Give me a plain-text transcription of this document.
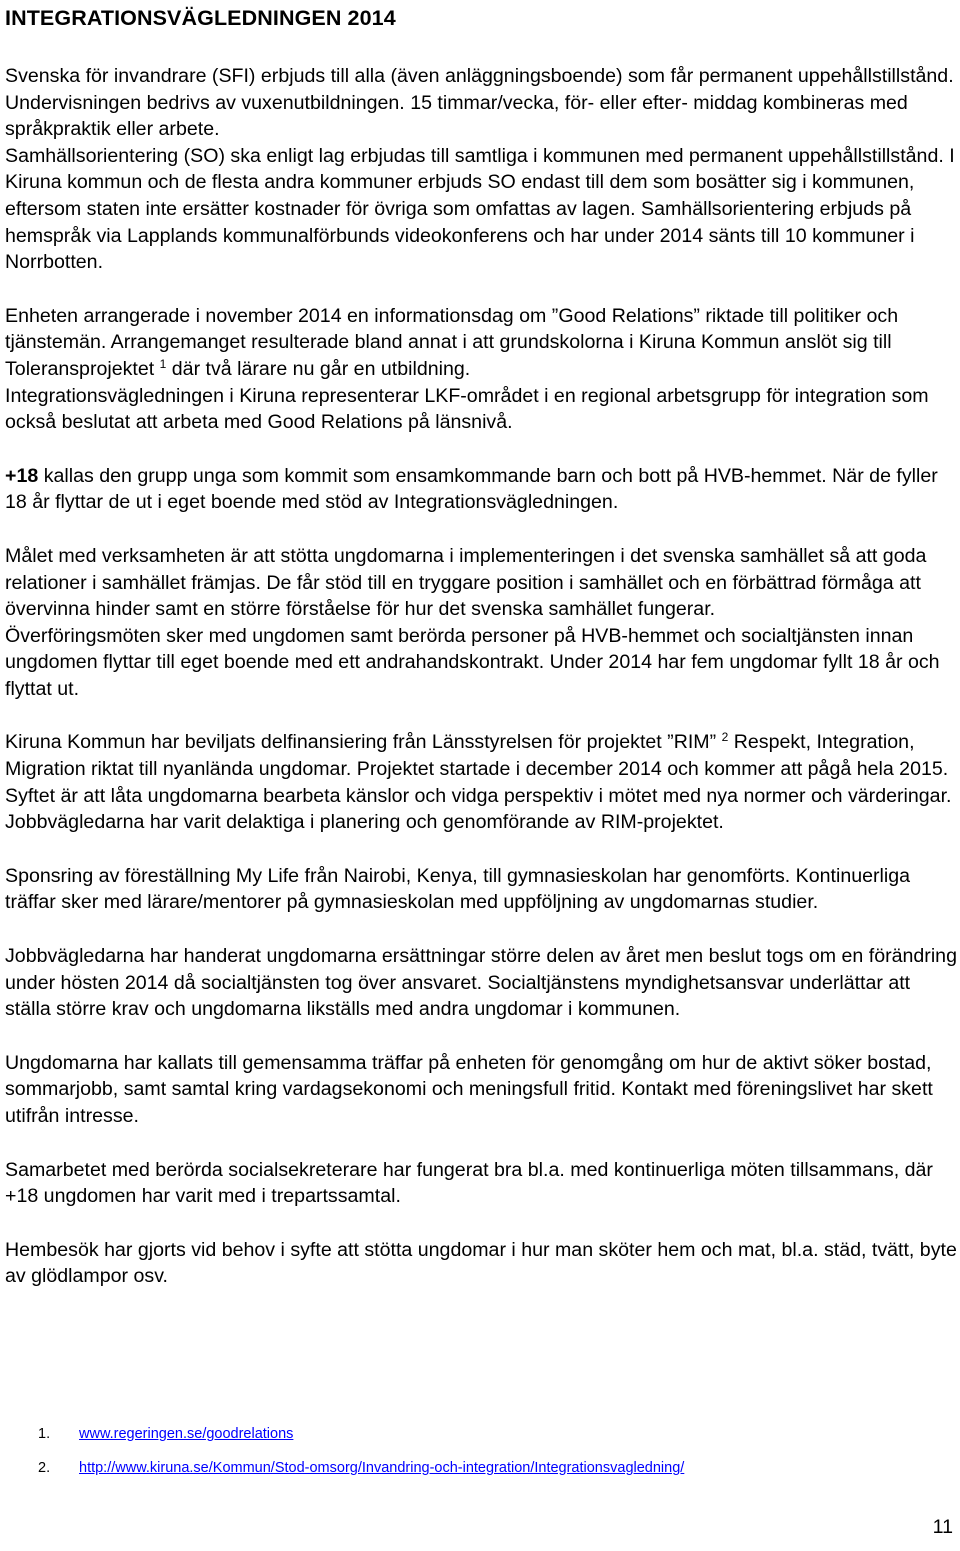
INTEGRATIONSVÄGLEDNINGEN 2014

Svenska för invandrare (SFI) erbjuds till alla (även anläggningsboende) som får permanent uppehållstillstånd. Undervisningen bedrivs av vuxenutbildningen. 15 timmar/vecka, för- eller efter- middag kombineras med språkpraktik eller arbete.

Samhällsorientering (SO) ska enligt lag erbjudas till samtliga i kommunen med permanent uppehållstillstånd. I Kiruna kommun och de flesta andra kommuner erbjuds SO endast till dem som bosätter sig i kommunen, eftersom staten inte ersätter kostnader för övriga som omfattas av lagen. Samhällsorientering erbjuds på hemspråk via Lapplands kommunalförbunds videokonferens och har under 2014 sänts till 10 kommuner i Norrbotten.

Enheten arrangerade i november 2014 en informationsdag om ”Good Relations” riktade till politiker och tjänstemän. Arrangemanget resulterade bland annat i att grundskolorna i Kiruna Kommun anslöt sig till Toleransprojektet $^1$ där två lärare nu går en utbildning.

Integrationsvägledningen i Kiruna representerar LKF-området i en regional arbetsgrupp för integration som också beslutat att arbeta med Good Relations på länsnivå.

+18 kallas den grupp unga som kommit som ensamkommande barn och bott på HVB-hemmet. När de fyller 18 år flyttar de ut i eget boende med stöd av Integrationsvägledningen.

Målet med verksamheten är att stötta ungdomarna i implementeringen i det svenska samhället så att goda relationer i samhället främjas. De får stöd till en tryggare position i samhället och en förbättrad förmåga att övervinna hinder samt en större förståelse för hur det svenska samhället fungerar.

Överföringsmöten sker med ungdomen samt berörda personer på HVB-hemmet och socialtjänsten innan ungdomen flyttar till eget boende med ett andrahandskontrakt. Under 2014 har fem ungdomar fyllt 18 år och flyttat ut.

Kiruna Kommun har beviljats delfinansiering från Länsstyrelsen för projektet ”RIM” $^2$ Respekt, Integration, Migration riktat till nyanlända ungdomar. Projektet startade i december 2014 och kommer att pågå hela 2015. Syftet är att låta ungdomarna bearbeta känslor och vidga perspektiv i mötet med nya normer och värderingar. Jobbvägledarna har varit delaktiga i planering och genomförande av RIM-projektet.

Sponsring av föreställning My Life från Nairobi, Kenya, till gymnasieskolan har genomförts. Kontinuerliga träffar sker med lärare/mentorer på gymnasieskolan med uppföljning av ungdomarnas studier.

Jobbvägledarna har handerat ungdomarna ersättningar större delen av året men beslut togs om en förändring under hösten 2014 då socialtjänsten tog över ansvaret. Socialtjänstens myndighetsansvar underlättar att ställa större krav och ungdomarna likställs med andra ungdomar i kommunen.

Ungdomarna har kallats till gemensamma träffar på enheten för genomgång om hur de aktivt söker bostad, sommarjobb, samt samtal kring vardagsekonomi och meningsfull fritid. Kontakt med föreningslivet har skett utifrån intresse.

Samarbetet med berörda socialsekreterare har fungerat bra bl.a. med kontinuerliga möten tillsammans, där +18 ungdomen har varit med i trepartssamtal.

Hembesök har gjorts vid behov i syfte att stötta ungdomar i hur man sköter hem och mat, bl.a. städ, tvätt, byte av glödlampor osv.

1. www.regeringen.se/goodrelations
2. http://www.kiruna.se/Kommun/Stod-omsorg/Invandring-och-integration/Integrationsvagledning/
11
